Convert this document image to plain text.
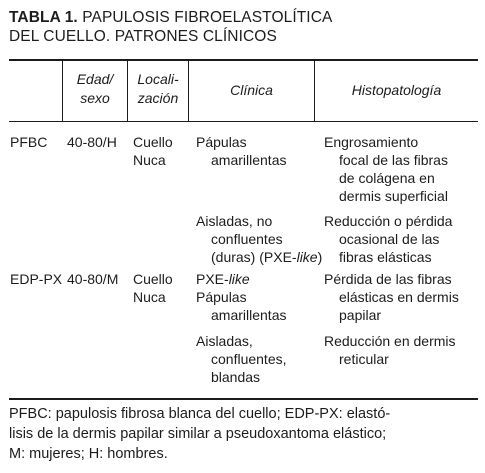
TABLA 1. PAPULOSIS FIBROELASTOLÍTICA
DEL CUELLO. PATRONES CLÍNICOS
Edad/
sexo
Locali-
zación	Clínica	Histopatología
PFBC 40-80/H Cuello
Nuca
Pápulas
amarillentas
Engrosamiento
focal de las fibras
de colágena en
dermis superficial
Aisladas, no
confluentes
(duras) (PXE-like)
Reducción o pérdida
ocasional de las
fibras elásticas
EDP-PX 40-80/M Cuello
Nuca
PXE-like
Pápulas
amarillentas
Pérdida de las fibras
elásticas en dermis
papilar
Aisladas,
confluentes,
blandas
Reducción en dermis
reticular
PFBC: papulosis fibrosa blanca del cuello; EDP-PX: elastó-
lisis de la dermis papilar similar a pseudoxantoma elástico;
M: mujeres; H: hombres.
